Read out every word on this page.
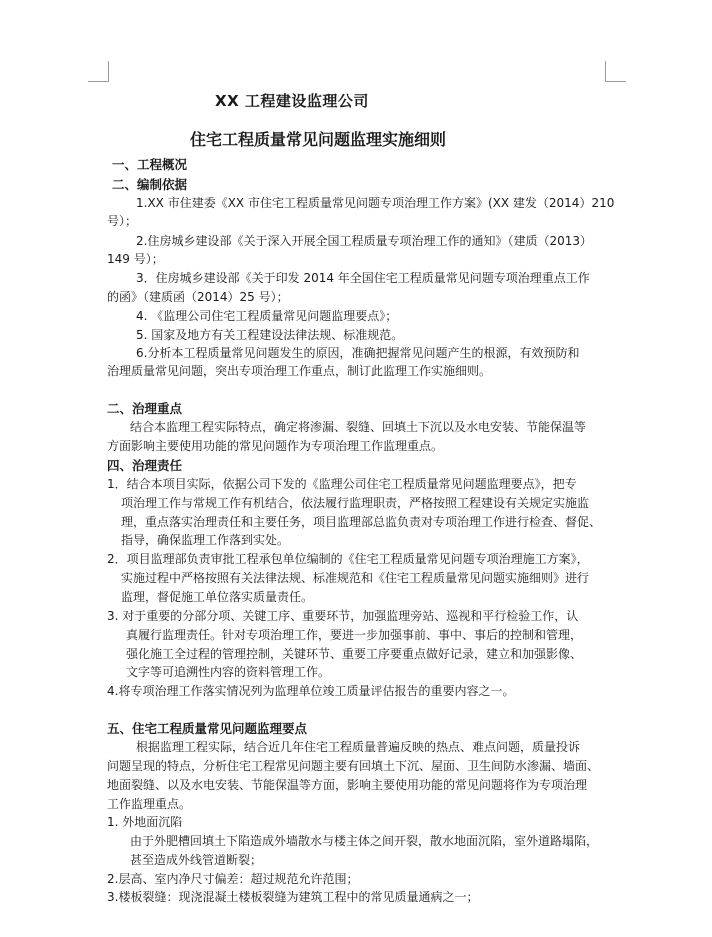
XX 工程建设监理公司
住宅工程质量常见问题监理实施细则
一、工程概况
二、编制依据
1.XX 市住建委《XX 市住宅工程质量常见问题专项治理工作方案》(XX 建发（2014）210
号）；
2.住房城乡建设部《关于深入开展全国工程质量专项治理工作的通知》（建质（2013）
149 号）；
3．住房城乡建设部《关于印发 2014 年全国住宅工程质量常见问题专项治理重点工作
的函》（建质函（2014）25 号）；
4. 《监理公司住宅工程质量常见问题监理要点》；
5. 国家及地方有关工程建设法律法规、标准规范。
6.分析本工程质量常见问题发生的原因，准确把握常见问题产生的根源，有效预防和
治理质量常见问题，突出专项治理工作重点，制订此监理工作实施细则。
二、治理重点
结合本监理工程实际特点，确定将渗漏、裂缝、回填土下沉以及水电安装、节能保温等
方面影响主要使用功能的常见问题作为专项治理工作监理重点。
四、治理责任
1．结合本项目实际，依据公司下发的《监理公司住宅工程质量常见问题监理要点》，把专
项治理工作与常规工作有机结合，依法履行监理职责，严格按照工程建设有关规定实施监
理，重点落实治理责任和主要任务，项目监理部总监负责对专项治理工作进行检查、督促、
指导，确保监理工作落到实处。
2．项目监理部负责审批工程承包单位编制的《住宅工程质量常见问题专项治理施工方案》，
实施过程中严格按照有关法律法规、标准规范和《住宅工程质量常见问题实施细则》进行
监理，督促施工单位落实质量责任。
3. 对于重要的分部分项、关键工序、重要环节，加强监理旁站、巡视和平行检验工作，认
真履行监理责任。针对专项治理工作，要进一步加强事前、事中、事后的控制和管理，
强化施工全过程的管理控制，关键环节、重要工序要重点做好记录，建立和加强影像、
文字等可追溯性内容的资料管理工作。
4.将专项治理工作落实情况列为监理单位竣工质量评估报告的重要内容之一。
五、住宅工程质量常见问题监理要点
根据监理工程实际，结合近几年住宅工程质量普遍反映的热点、难点问题，质量投诉
问题呈现的特点，分析住宅工程常见问题主要有回填土下沉、屋面、卫生间防水渗漏、墙面、
地面裂缝、以及水电安装、节能保温等方面，影响主要使用功能的常见问题将作为专项治理
工作监理重点。
1. 外地面沉陷
由于外肥槽回填土下陷造成外墙散水与楼主体之间开裂，散水地面沉陷，室外道路塌陷，
甚至造成外线管道断裂；
2.层高、室内净尺寸偏差：超过规范允许范围；
3.楼板裂缝：现浇混凝土楼板裂缝为建筑工程中的常见质量通病之一；
